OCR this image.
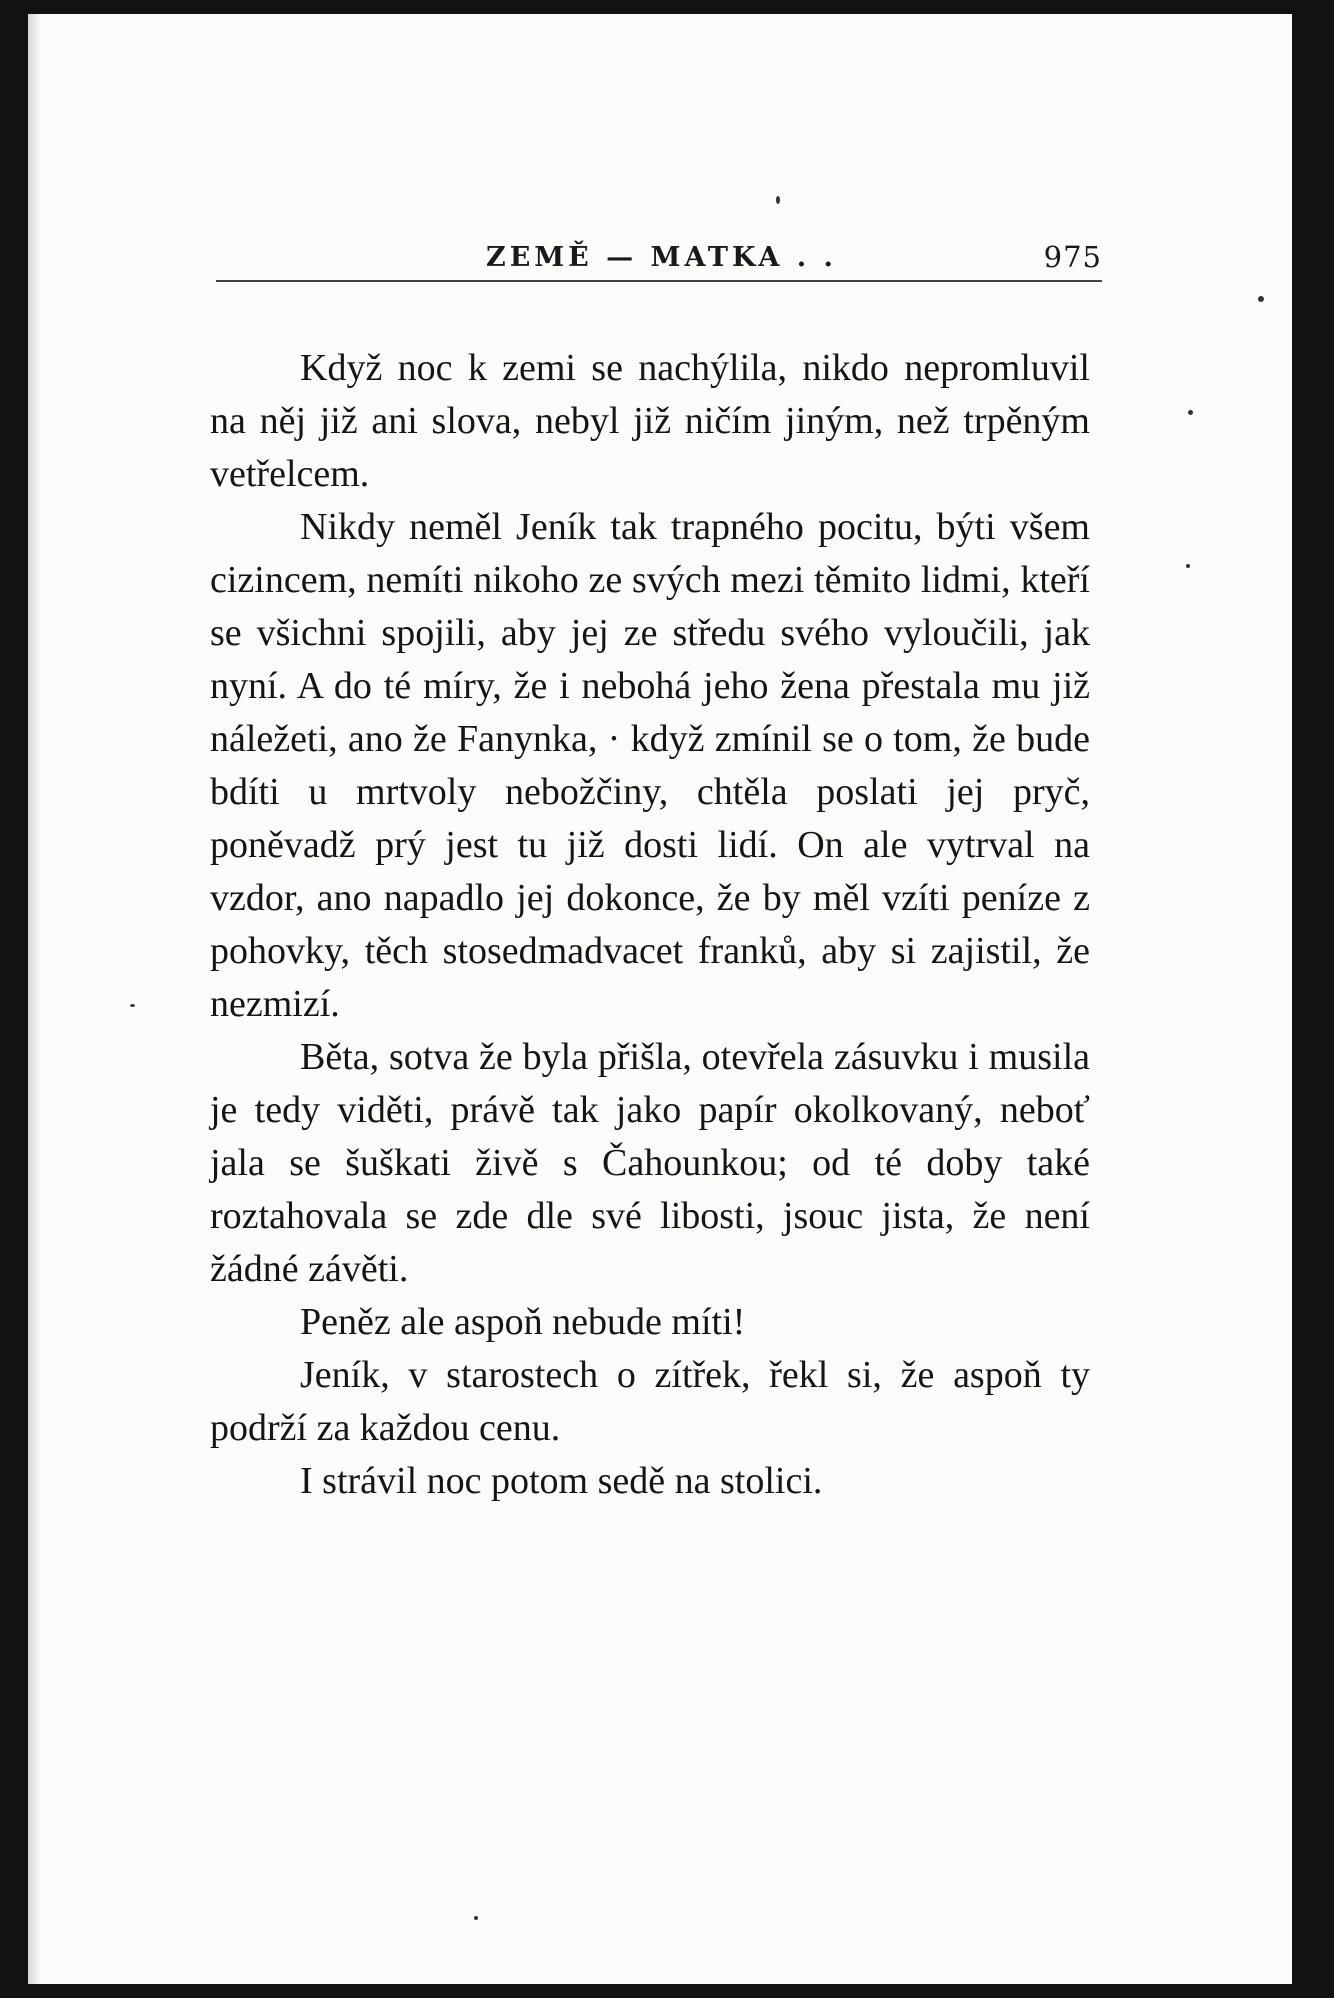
ZEMĚ — MATKA . .	975

Když noc k zemi se nachýlila, nikdo nepromluvil na něj již ani slova, nebyl již ničím jiným, než trpěným vetřelcem.

Nikdy neměl Jeník tak trapného pocitu, býti všem cizincem, nemíti nikoho ze svých mezi těmito lidmi, kteří se všichni spojili, aby jej ze středu svého vyloučili, jak nyní. A do té míry, že i nebohá jeho žena přestala mu již náležeti, ano že Fanynka, · když zmínil se o tom, že bude bdíti u mrtvoly nebožčiny, chtěla poslati jej pryč, poněvadž prý jest tu již dosti lidí. On ale vytrval na vzdor, ano napadlo jej dokonce, že by měl vzíti peníze z pohovky, těch stosedmadvacet franků, aby si zajistil, že nezmizí.

Běta, sotva že byla přišla, otevřela zásuvku i musila je tedy viděti, právě tak jako papír okolkovaný, neboť jala se šuškati živě s Čahounkou; od té doby také roztahovala se zde dle své libosti, jsouc jista, že není žádné závěti.

Peněz ale aspoň nebude míti!

Jeník, v starostech o zítřek, řekl si, že aspoň ty podrží za každou cenu.

I strávil noc potom sedě na stolici.
